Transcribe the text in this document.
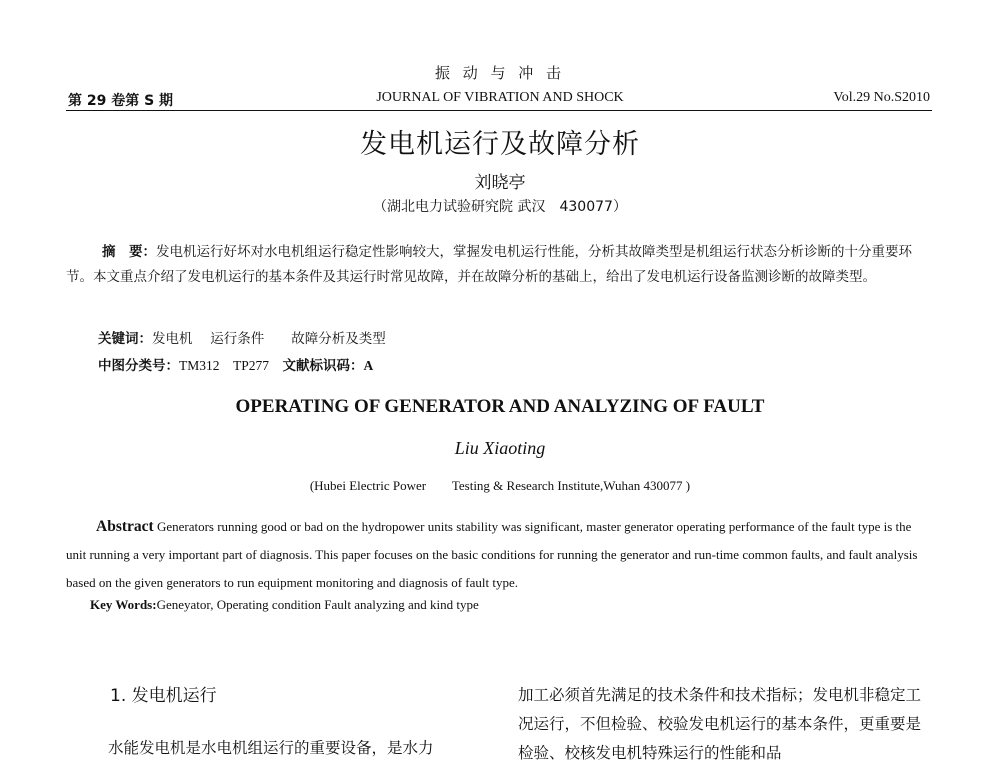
振 动 与 冲 击
第 29 卷第 S 期	JOURNAL OF VIBRATION AND SHOCK	Vol.29 No.S2010
发电机运行及故障分析
刘晓亭
（湖北电力试验研究院 武汉　430077）
摘　要：发电机运行好坏对水电机组运行稳定性影响较大，掌握发电机运行性能，分析其故障类型是机组运行状态分析诊断的十分重要环节。本文重点介绍了发电机运行的基本条件及其运行时常见故障，并在故障分析的基础上，给出了发电机运行设备监测诊断的故障类型。
关键词：发电机　 运行条件　　故障分析及类型
中图分类号：TM312　TP277　 文献标识码：A
OPERATING OF GENERATOR AND ANALYZING OF FAULT
Liu Xiaoting
(Hubei Electric Power        Testing & Research Institute,Wuhan 430077 )
Abstract Generators running good or bad on the hydropower units stability was significant, master generator operating performance of the fault type is the unit running a very important part of diagnosis. This paper focuses on the basic conditions for running the generator and run-time common faults, and fault analysis based on the given generators to run equipment monitoring and diagnosis of fault type.
Key Words:Geneyator, Operating condition Fault analyzing and kind type
1. 发电机运行
水能发电机是水电机组运行的重要设备，是水力
加工必须首先满足的技术条件和技术指标；发电机非稳定工况运行，不但检验、校验发电机运行的基本条件，更重要是检验、校核发电机特殊运行的性能和品
